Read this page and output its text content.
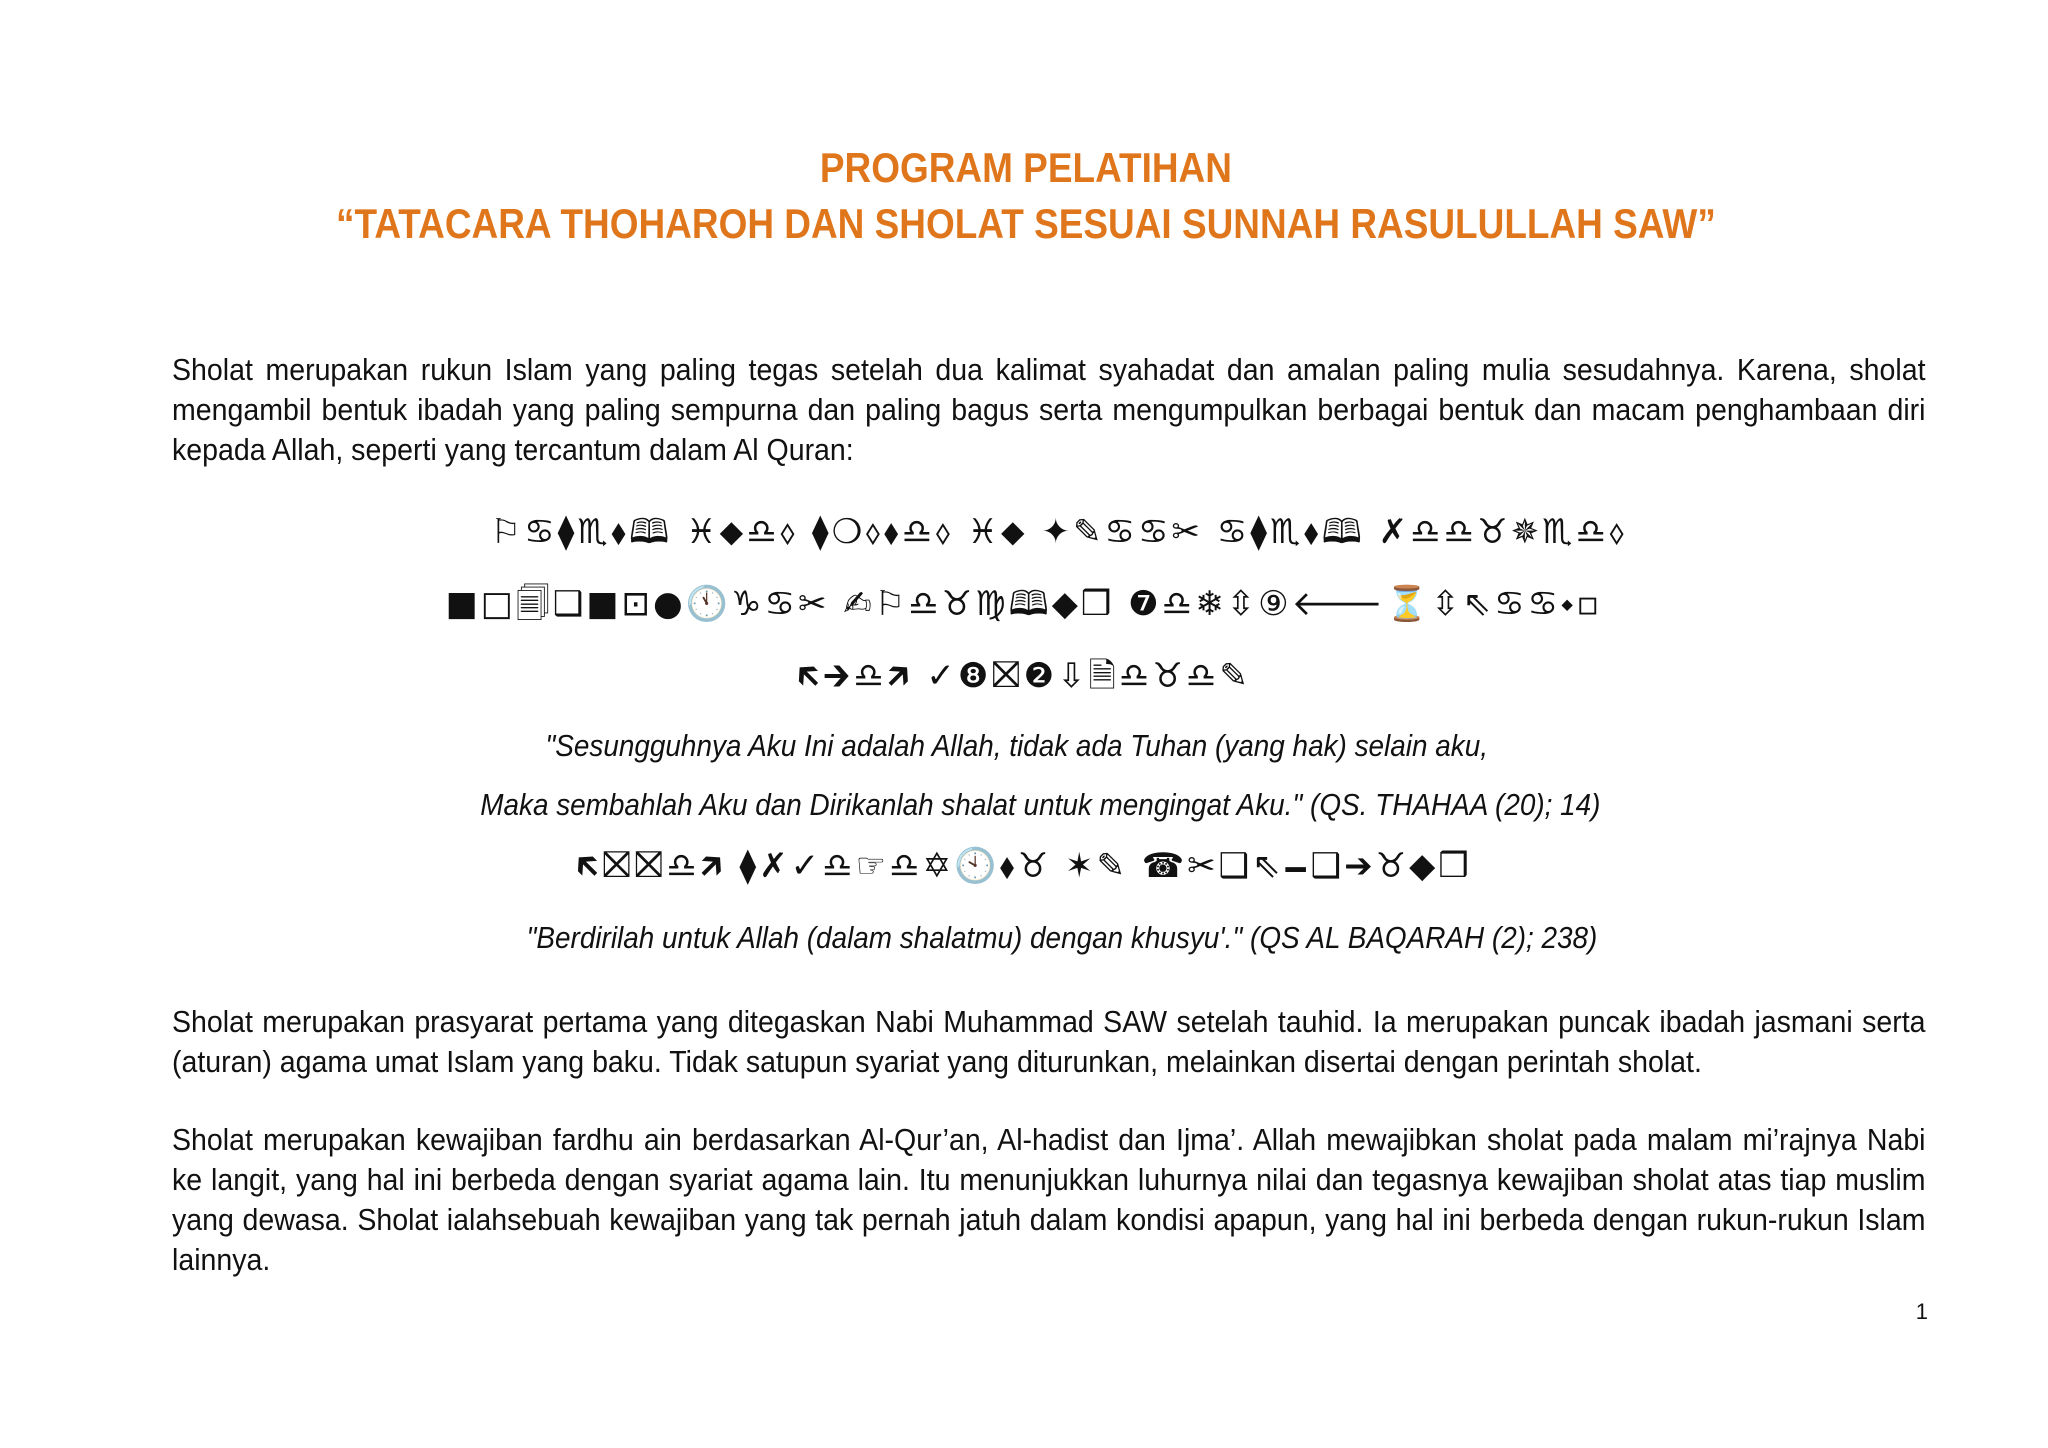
PROGRAM PELATIHAN
“TATACARA THOHAROH DAN SHOLAT SESUAI SUNNAH RASULULLAH SAW”
Sholat merupakan rukun Islam yang paling tegas setelah dua kalimat syahadat dan amalan paling mulia sesudahnya. Karena, sholat mengambil bentuk ibadah yang paling sempurna dan paling bagus serta mengumpulkan berbagai bentuk dan macam penghambaan diri kepada Allah, seperti yang tercantum dalam Al Quran:
⚐♋⧫♏⬧🕮 ♓⬥♎⬨ ⧫❍⬨⬧♎⬨ ♓⬥ ✦✎♋♋✂ ♋⧫♏⬧🕮 ✗♎♎♉✵♏♎⬨
■□🗐❑■⊡●🕚♑♋✂ ✍⚐♎♉♍🕮◆❒ ❼♎❄⇳⑨🡐⏳⇳⇖♋♋⬩▫
🡴🡲♎🡵 ✓❽⛝❷⇩🗎♎♉♎✎
"Sesungguhnya Aku Ini adalah Allah, tidak ada Tuhan (yang hak) selain aku,
Maka sembahlah Aku dan Dirikanlah shalat untuk mengingat Aku." (QS. THAHAA (20); 14)
🡴⛝⛝♎🡵 ⧫✗✓♎☞♎✡🕙⬧♉ ✶✎ ☎✂❑⇖🗕❑➔♉◆❒
"Berdirilah untuk Allah (dalam shalatmu) dengan khusyu'." (QS AL BAQARAH (2); 238)
Sholat merupakan prasyarat pertama yang ditegaskan Nabi Muhammad SAW setelah tauhid. Ia merupakan puncak ibadah jasmani serta (aturan) agama umat Islam yang baku. Tidak satupun syariat yang diturunkan, melainkan disertai dengan perintah sholat.
Sholat merupakan kewajiban fardhu ain berdasarkan Al-Qur’an, Al-hadist dan Ijma’. Allah mewajibkan sholat pada malam mi’rajnya Nabi ke langit, yang hal ini berbeda dengan syariat agama lain. Itu menunjukkan luhurnya nilai dan tegasnya kewajiban sholat atas tiap muslim yang dewasa. Sholat ialahsebuah kewajiban yang tak pernah jatuh dalam kondisi apapun, yang hal ini berbeda dengan rukun-rukun Islam lainnya.
1
